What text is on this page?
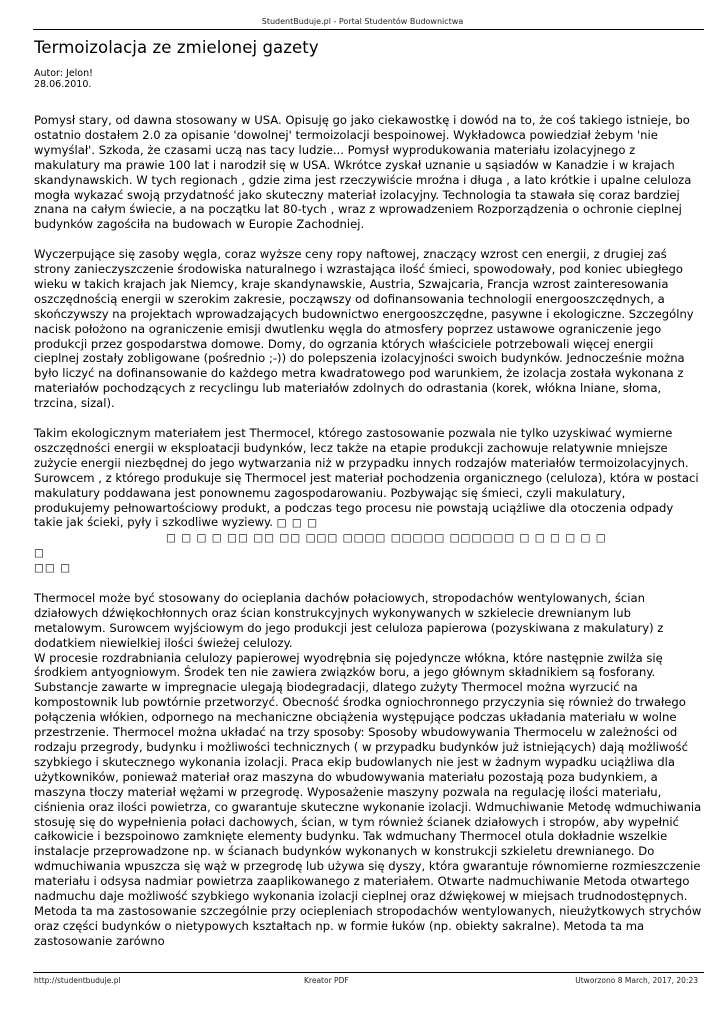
StudentBuduje.pl - Portal Studentów Budownictwa
Termoizolacja ze zmielonej gazety
Autor: Jelon!
28.06.2010.

Pomysł stary, od dawna stosowany w USA. Opisuję go jako ciekawostkę i dowód na to, że coś takiego istnieje, bo ostatnio dostałem 2.0 za opisanie 'dowolnej' termoizolacji bespoinowej. Wykładowca powiedział żebym 'nie wymyślał'. Szkoda, że czasami uczą nas tacy ludzie... Pomysł wyprodukowania materiału izolacyjnego z makulatury ma prawie 100 lat i narodził się w USA. Wkrótce zyskał uznanie u sąsiadów w Kanadzie i w krajach skandynawskich. W tych regionach , gdzie zima jest rzeczywiście mroźna i długa , a lato krótkie i upalne celuloza mogła wykazać swoją przydatność jako skuteczny materiał izolacyjny. Technologia ta stawała się coraz bardziej znana na całym świecie, a na początku lat 80-tych , wraz z wprowadzeniem Rozporządzenia o ochronie cieplnej budynków zagościła na budowach w Europie Zachodniej.

Wyczerpujące się zasoby węgla, coraz wyższe ceny ropy naftowej, znaczący wzrost cen energii, z drugiej zaś strony zanieczyszczenie środowiska naturalnego i wzrastająca ilość śmieci, spowodowały, pod koniec ubiegłego wieku w takich krajach jak Niemcy, kraje skandynawskie, Austria, Szwajcaria, Francja wzrost zainteresowania oszczędnością energii w szerokim zakresie, począwszy od dofinansowania technologii energooszczędnych, a skończywszy na projektach wprowadzających budownictwo energooszczędne, pasywne i ekologiczne. Szczególny nacisk położono na ograniczenie emisji dwutlenku węgla do atmosfery poprzez ustawowe ograniczenie jego produkcji przez gospodarstwa domowe. Domy, do ogrzania których właściciele potrzebowali więcej energii cieplnej zostały zobligowane (pośrednio ;-)) do polepszenia izolacyjności swoich budynków. Jednocześnie można było liczyć na dofinansowanie do każdego metra kwadratowego pod warunkiem, że izolacja została wykonana z materiałów pochodzących z recyclingu lub materiałów zdolnych do odrastania (korek, włókna lniane, słoma, trzcina, sizal).

Takim ekologicznym materiałem jest Thermocel, którego zastosowanie pozwala nie tylko uzyskiwać wymierne oszczędności energii w eksploatacji budynków, lecz także na etapie produkcji zachowuje relatywnie mniejsze zużycie energii niezbędnej do jego wytwarzania niż w przypadku innych rodzajów materiałów termoizolacyjnych. Surowcem , z którego produkuje się Thermocel jest materiał pochodzenia organicznego (celuloza), która w postaci makulatury poddawana jest ponownemu zagospodarowaniu. Pozbywając się śmieci, czyli makulatury, produkujemy pełnowartościowy produkt, a podczas tego procesu nie powstają uciążliwe dla otoczenia odpady takie jak ścieki, pyły i szkodliwe wyziewy. □ □ □
□ □ □ □ □□ □□ □□ □□□ □□□□ □□□□□ □□□□□□ □ □ □ □ □ □
□
□□ □

Thermocel może być stosowany do ocieplania dachów połaciowych, stropodachów wentylowanych, ścian działowych dźwiękochłonnych oraz ścian konstrukcyjnych wykonywanych w szkielecie drewnianym lub metalowym. Surowcem wyjściowym do jego produkcji jest celuloza papierowa (pozyskiwana z makulatury) z dodatkiem niewielkiej ilości świeżej celulozy.

W procesie rozdrabniania celulozy papierowej wyodrębnia się pojedyncze włókna, które następnie zwilża się środkiem antyogniowym. Środek ten nie zawiera związków boru, a jego głównym składnikiem są fosforany. Substancje zawarte w impregnacie ulegają biodegradacji, dlatego zużyty Thermocel można wyrzucić na kompostownik lub powtórnie przetworzyć. Obecność środka ogniochronnego przyczynia się również do trwałego połączenia włókien, odpornego na mechaniczne obciążenia występujące podczas układania materiału w wolne przestrzenie. Thermocel można układać na trzy sposoby: Sposoby wbudowywania Thermocelu w zależności od rodzaju przegrody, budynku i możliwości technicznych ( w przypadku budynków już istniejących) dają możliwość szybkiego i skutecznego wykonania izolacji. Praca ekip budowlanych nie jest w żadnym wypadku uciążliwa dla użytkowników, ponieważ materiał oraz maszyna do wbudowywania materiału pozostają poza budynkiem, a maszyna tłoczy materiał wężami w przegrodę. Wyposażenie maszyny pozwala na regulację ilości materiału, ciśnienia oraz ilości powietrza, co gwarantuje skuteczne wykonanie izolacji. Wdmuchiwanie Metodę wdmuchiwania stosuję się do wypełnienia połaci dachowych, ścian, w tym również ścianek działowych i stropów, aby wypełnić całkowicie i bezspoinowo zamknięte elementy budynku. Tak wdmuchany Thermocel otula dokładnie wszelkie instalacje przeprowadzone np. w ścianach budynków wykonanych w konstrukcji szkieletu drewnianego. Do wdmuchiwania wpuszcza się wąż w przegrodę lub używa się dyszy, która gwarantuje równomierne rozmieszczenie materiału i odsysa nadmiar powietrza zaaplikowanego z materiałem. Otwarte nadmuchiwanie Metoda otwartego nadmuchu daje możliwość szybkiego wykonania izolacji cieplnej oraz dźwiękowej w miejsach trudnodostępnych. Metoda ta ma zastosowanie szczególnie przy ociepleniach stropodachów wentylowanych, nieużytkowych strychów oraz części budynków o nietypowych kształtach np. w formie łuków (np. obiekty sakralne). Metoda ta ma zastosowanie zarówno

http://studentbuduje.pl	Kreator PDF	Utworzono 8 March, 2017, 20:23
